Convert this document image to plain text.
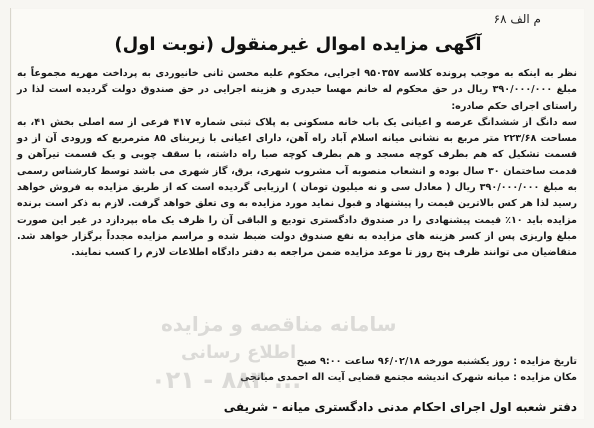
م الف ۶۸
آگهی مزایده اموال غیرمنقول (نوبت اول)

نظر به اینکه به موجب پرونده کلاسه ۹۵۰۳۵۷ اجرایی، محکوم علیه محسن ثانی خانیوردی به پرداخت مهریه مجموعاً به مبلغ ۳۹۰/۰۰۰/۰۰۰ ریال در حق محکوم له خانم مهسا حیدری و هزینه اجرایی در حق صندوق دولت گردیده است لذا در راستای اجرای حکم صادره:

سه دانگ از ششدانگ عرصه و اعیانی یک باب خانه مسکونی به پلاک ثبتی شماره ۴۱۷ فرعی از سه اصلی بخش ۴۱، به مساحت ۲۲۳/۶۸ متر مربع به نشانی میانه اسلام آباد راه آهن، دارای اعیانی با زیربنای ۸۵ مترمربع که ورودی آن از دو قسمت تشکیل که هم بطرف کوچه مسجد و هم بطرف کوچه صبا راه داشته، با سقف چوبی و یک قسمت تیرآهن و قدمت ساختمان ۳۰ سال بوده و انشعاب منصوبه آب مشروب شهری، برق، گاز شهری می باشد توسط کارشناس رسمی به مبلغ ۳۹۰/۰۰۰/۰۰۰ ریال ( معادل سی و نه میلیون تومان ) ارزیابی گردیده است که از طریق مزایده به فروش خواهد رسید لذا هر کس بالاترین قیمت را پیشنهاد و قبول نماید مورد مزایده به وی تعلق خواهد گرفت. لازم به ذکر است برنده مزایده باید ۱۰٪ قیمت پیشنهادی را در صندوق دادگستری تودیع و الباقی آن را ظرف یک ماه بپردازد در غیر این صورت مبلغ واریزی پس از کسر هزینه های مزایده به نفع صندوق دولت ضبط شده و مراسم مزایده مجدداً برگزار خواهد شد. متقاضیان می توانند ظرف پنج روز تا موعد مزایده ضمن مراجعه به دفتر دادگاه اطلاعات لازم را کسب نمایند.

تاریخ مزایده : روز یکشنبه مورخه ۹۶/۰۲/۱۸ ساعت ۹:۰۰ صبح
مکان مزایده : میانه شهرک اندیشه مجتمع قضایی آیت اله احمدی میانجی
دفتر شعبه اول اجرای احکام مدنی دادگستری میانه - شریفی
سامانه مناقصه و مزایده
اطلاع رسانی
۰۲۱ - ۸۸۳ ...
